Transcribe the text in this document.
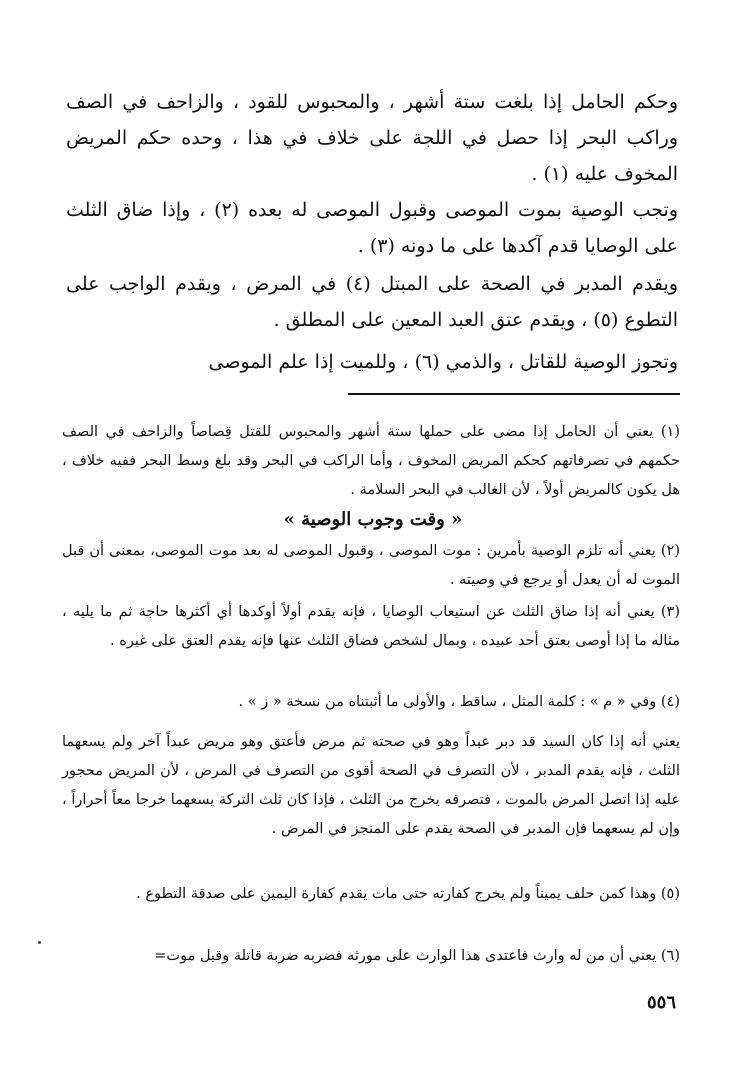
وحكم الحامل إذا بلغت ستة أشهر ، والمحبوس للقود ، والزاحف في الصف وراكب البحر إذا حصل في اللجة على خلاف في هذا ، وحده حكم المريض المخوف عليه (١) .

وتجب الوصية بموت الموصى وقبول الموصى له بعده (٢) ، وإذا ضاق الثلث على الوصايا قدم آكدها على ما دونه (٣) .

ويقدم المدبر في الصحة على المبتل (٤) في المرض ، ويقدم الواجب على التطوع (٥) ، ويقدم عتق العبد المعين على المطلق .

وتجوز الوصية للقاتل ، والذمي (٦) ، وللميت إذا علم الموصى

(١) يعني أن الحامل إذا مضى على حملها ستة أشهر والمحبوس للقتل قِصاصاً والزاحف في الصف حكمهم في تصرفاتهم كحكم المريض المخوف ، وأما الراكب في البحر وقد بلغ وسط البحر ففيه خلاف ، هل يكون كالمريض أولاً ، لأن الغالب في البحر السلامة .

« وقت وجوب الوصية »

(٢) يعني أنه تلزم الوصية بأمرين : موت الموصى ، وقبول الموصى له بعد موت الموصى، بمعنى أن قبل الموت له أن يعدل أو يرجع في وصيته .

(٣) يعني أنه إذا ضاق الثلث عن استيعاب الوصايا ، فإنه يقدم أولاً أوكدها أي أكثرها حاجة ثم ما يليه ، مثاله ما إذا أوصى بعتق أحد عبيده ، وبمال لشخص فضاق الثلث عنها فإنه يقدم العتق على غيره .

(٤) وفي « م » : كلمة المثل ، ساقط ، والأولى ما أثبتناه من نسخة « ز » .

يعني أنه إذا كان السيد قد دبر عبداً وهو في صحته ثم مرض فأعتق وهو مريض عبداً آخر ولم يسعهما الثلث ، فإنه يقدم المدبر ، لأن التصرف في الصحة أقوى من التصرف في المرض ، لأن المريض محجور عليه إذا اتصل المرض بالموت ، فتصرفه يخرج من الثلث ، فإذا كان ثلث التركة يسعهما خرجا معاً أحراراً ، وإن لم يسعهما فإن المدبر في الصحة يقدم على المنجز في المرض .

(٥) وهذا كمن حلف يميناً ولم يخرج كفارته حتى مات يقدم كفارة اليمين على صدقة التطوع .

(٦) يعني أن من له وارث فاعتدى هذا الوارث على مورثه فضربه ضربة قاتلة وقبل موت=

٥٥٦
